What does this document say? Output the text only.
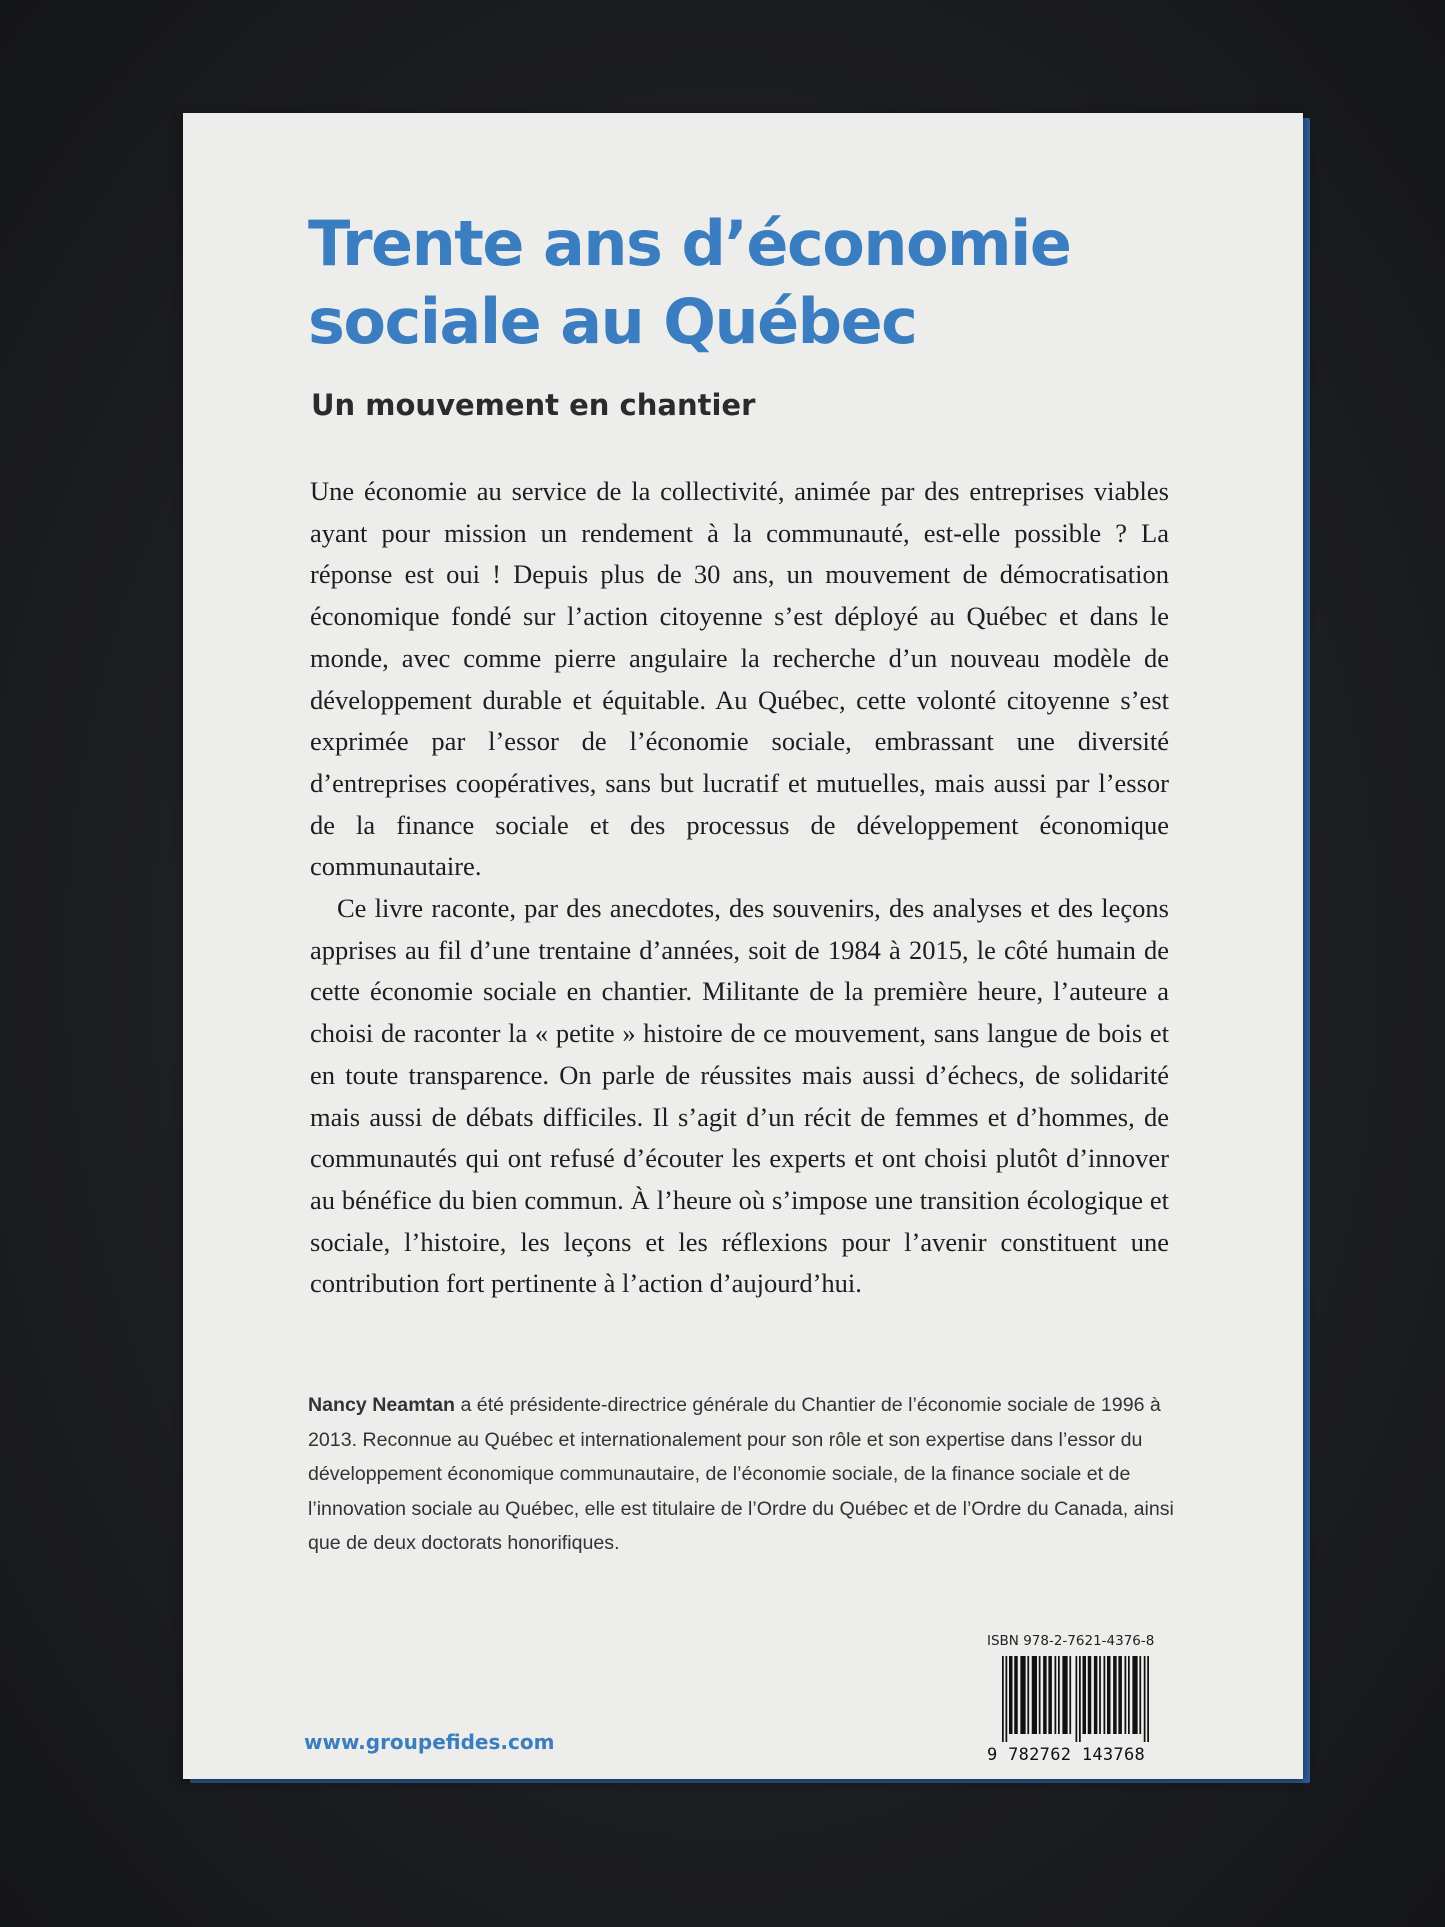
Trente ans d’économie
sociale au Québec
Un mouvement en chantier

Une économie au service de la collectivité, animée par des entreprises viables ayant pour mission un rendement à la communauté, est-elle possible ? La réponse est oui ! Depuis plus de 30 ans, un mouvement de démocratisation économique fondé sur l’action citoyenne s’est déployé au Québec et dans le monde, avec comme pierre angulaire la recherche d’un nouveau modèle de développement durable et équitable. Au Québec, cette volonté citoyenne s’est exprimée par l’essor de l’économie sociale, embrassant une diversité d’entreprises coopératives, sans but lucratif et mutuelles, mais aussi par l’essor de la finance sociale et des processus de développement économique communautaire.

Ce livre raconte, par des anecdotes, des souvenirs, des analyses et des leçons apprises au fil d’une trentaine d’années, soit de 1984 à 2015, le côté humain de cette économie sociale en chantier. Militante de la première heure, l’auteure a choisi de raconter la « petite » histoire de ce mouvement, sans langue de bois et en toute transparence. On parle de réussites mais aussi d’échecs, de solidarité mais aussi de débats difficiles. Il s’agit d’un récit de femmes et d’hommes, de communautés qui ont refusé d’écouter les experts et ont choisi plutôt d’innover au bénéfice du bien commun. À l’heure où s’impose une transition écologique et sociale, l’histoire, les leçons et les réflexions pour l’avenir constituent une contribution fort pertinente à l’action d’aujourd’hui.

Nancy Neamtan a été présidente-directrice générale du Chantier de l’économie sociale de 1996 à 2013. Reconnue au Québec et internationalement pour son rôle et son expertise dans l’essor du développement économique communautaire, de l’économie sociale, de la finance sociale et de l’innovation sociale au Québec, elle est titulaire de l’Ordre du Québec et de l’Ordre du Canada, ainsi que de deux doctorats honorifiques.
www.groupefides.com
ISBN 978-2-7621-4376-8
9 782762 143768
